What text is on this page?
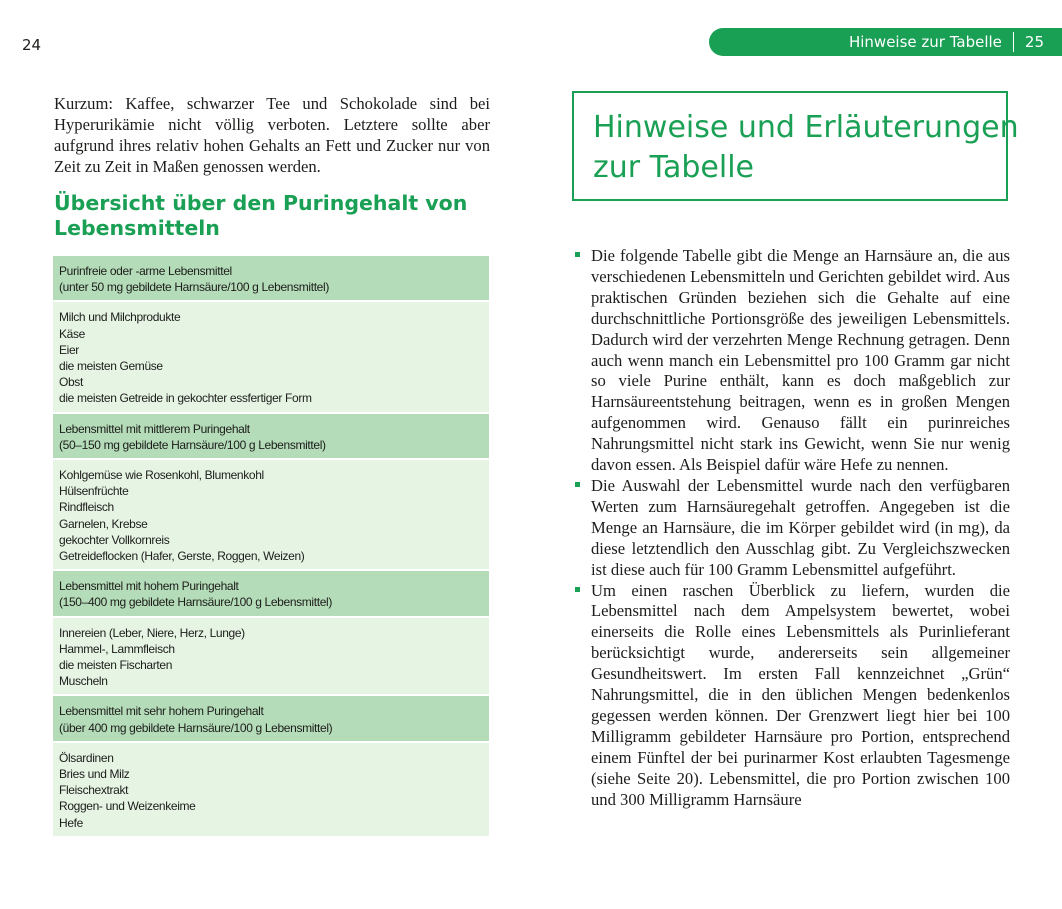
24	Hinweise zur Tabelle	25

Kurzum: Kaffee, schwarzer Tee und Schokolade sind bei Hyperurikämie nicht völlig verboten. Letztere sollte aber aufgrund ihres relativ hohen Gehalts an Fett und Zucker nur von Zeit zu Zeit in Maßen genossen werden.

Übersicht über den Puringehalt von
Lebensmitteln
Purinfreie oder -arme Lebensmittel
(unter 50 mg gebildete Harnsäure/100 g Lebensmittel)
Milch und Milchprodukte
Käse
Eier
die meisten Gemüse
Obst
die meisten Getreide in gekochter essfertiger Form
Lebensmittel mit mittlerem Puringehalt
(50–150 mg gebildete Harnsäure/100 g Lebensmittel)
Kohlgemüse wie Rosenkohl, Blumenkohl
Hülsenfrüchte
Rindfleisch
Garnelen, Krebse
gekochter Vollkornreis
Getreideflocken (Hafer, Gerste, Roggen, Weizen)
Lebensmittel mit hohem Puringehalt
(150–400 mg gebildete Harnsäure/100 g Lebensmittel)
Innereien (Leber, Niere, Herz, Lunge)
Hammel-, Lammfleisch
die meisten Fischarten
Muscheln
Lebensmittel mit sehr hohem Puringehalt
(über 400 mg gebildete Harnsäure/100 g Lebensmittel)
Ölsardinen
Bries und Milz
Fleischextrakt
Roggen- und Weizenkeime
Hefe
Hinweise und Erläuterungen
zur Tabelle
Die folgende Tabelle gibt die Menge an Harnsäure an, die aus verschiedenen Lebensmitteln und Gerichten gebildet wird. Aus praktischen Gründen beziehen sich die Gehalte auf eine durchschnittliche Portionsgröße des jeweiligen Lebensmittels. Dadurch wird der verzehrten Menge Rechnung getragen. Denn auch wenn manch ein Lebensmittel pro 100 Gramm gar nicht so viele Purine enthält, kann es doch maßgeblich zur Harnsäureentstehung beitragen, wenn es in großen Mengen aufgenommen wird. Genauso fällt ein purinreiches Nahrungsmittel nicht stark ins Gewicht, wenn Sie nur wenig davon essen. Als Beispiel dafür wäre Hefe zu nennen.
Die Auswahl der Lebensmittel wurde nach den verfügbaren Werten zum Harnsäuregehalt getroffen. Angegeben ist die Menge an Harnsäure, die im Körper gebildet wird (in mg), da diese letztendlich den Ausschlag gibt. Zu Vergleichszwecken ist diese auch für 100 Gramm Lebensmittel aufgeführt.
Um einen raschen Überblick zu liefern, wurden die Lebensmittel nach dem Ampelsystem bewertet, wobei einerseits die Rolle eines Lebensmittels als Purinlieferant berücksichtigt wurde, andererseits sein allgemeiner Gesundheitswert. Im ersten Fall kennzeichnet „Grün“ Nahrungsmittel, die in den üblichen Mengen bedenkenlos gegessen werden können. Der Grenzwert liegt hier bei 100 Milligramm gebildeter Harnsäure pro Portion, entsprechend einem Fünftel der bei purinarmer Kost erlaubten Tagesmenge (siehe Seite 20). Lebensmittel, die pro Portion zwischen 100 und 300 Milligramm Harnsäure
